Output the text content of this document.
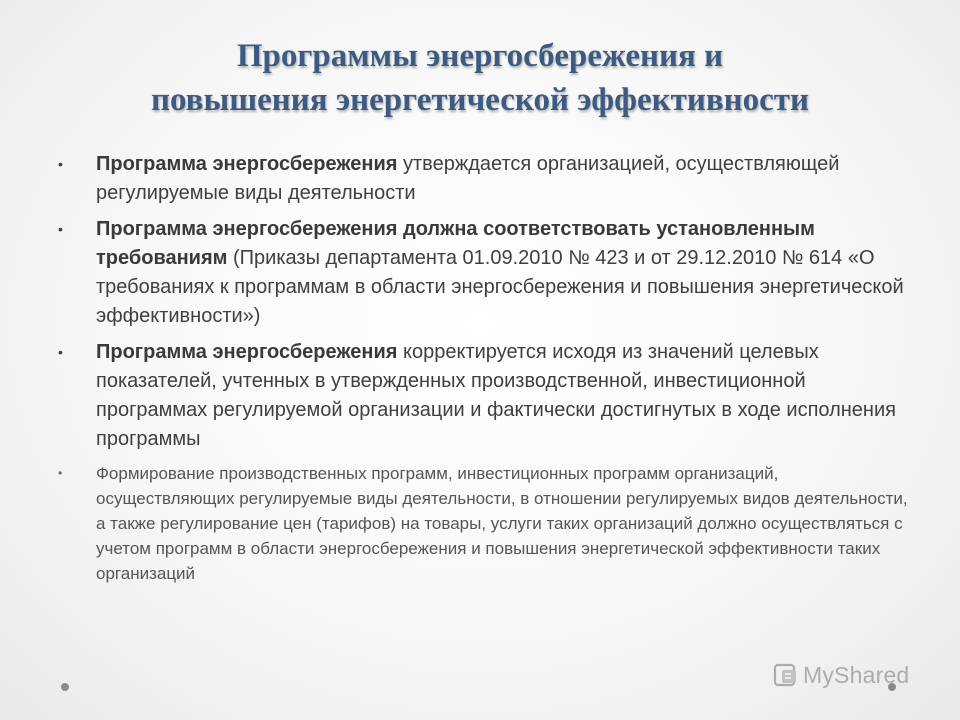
Программы энергосбережения и
повышения энергетической эффективности
• Программа энергосбережения утверждается организацией, осуществляющей регулируемые виды деятельности
• Программа энергосбережения должна соответствовать установленным требованиям (Приказы департамента 01.09.2010 № 423 и от 29.12.2010 № 614 «О требованиях к программам в области энергосбережения и повышения энергетической эффективности»)
• Программа энергосбережения корректируется исходя из значений целевых показателей, учтенных в утвержденных производственной, инвестиционной программах регулируемой организации и фактически достигнутых в ходе исполнения программы
• Формирование производственных программ, инвестиционных программ организаций, осуществляющих регулируемые виды деятельности, в отношении регулируемых видов деятельности, а также регулирование цен (тарифов) на товары, услуги таких организаций должно осуществляться с учетом программ в области энергосбережения и повышения энергетической эффективности таких организаций
MyShared
